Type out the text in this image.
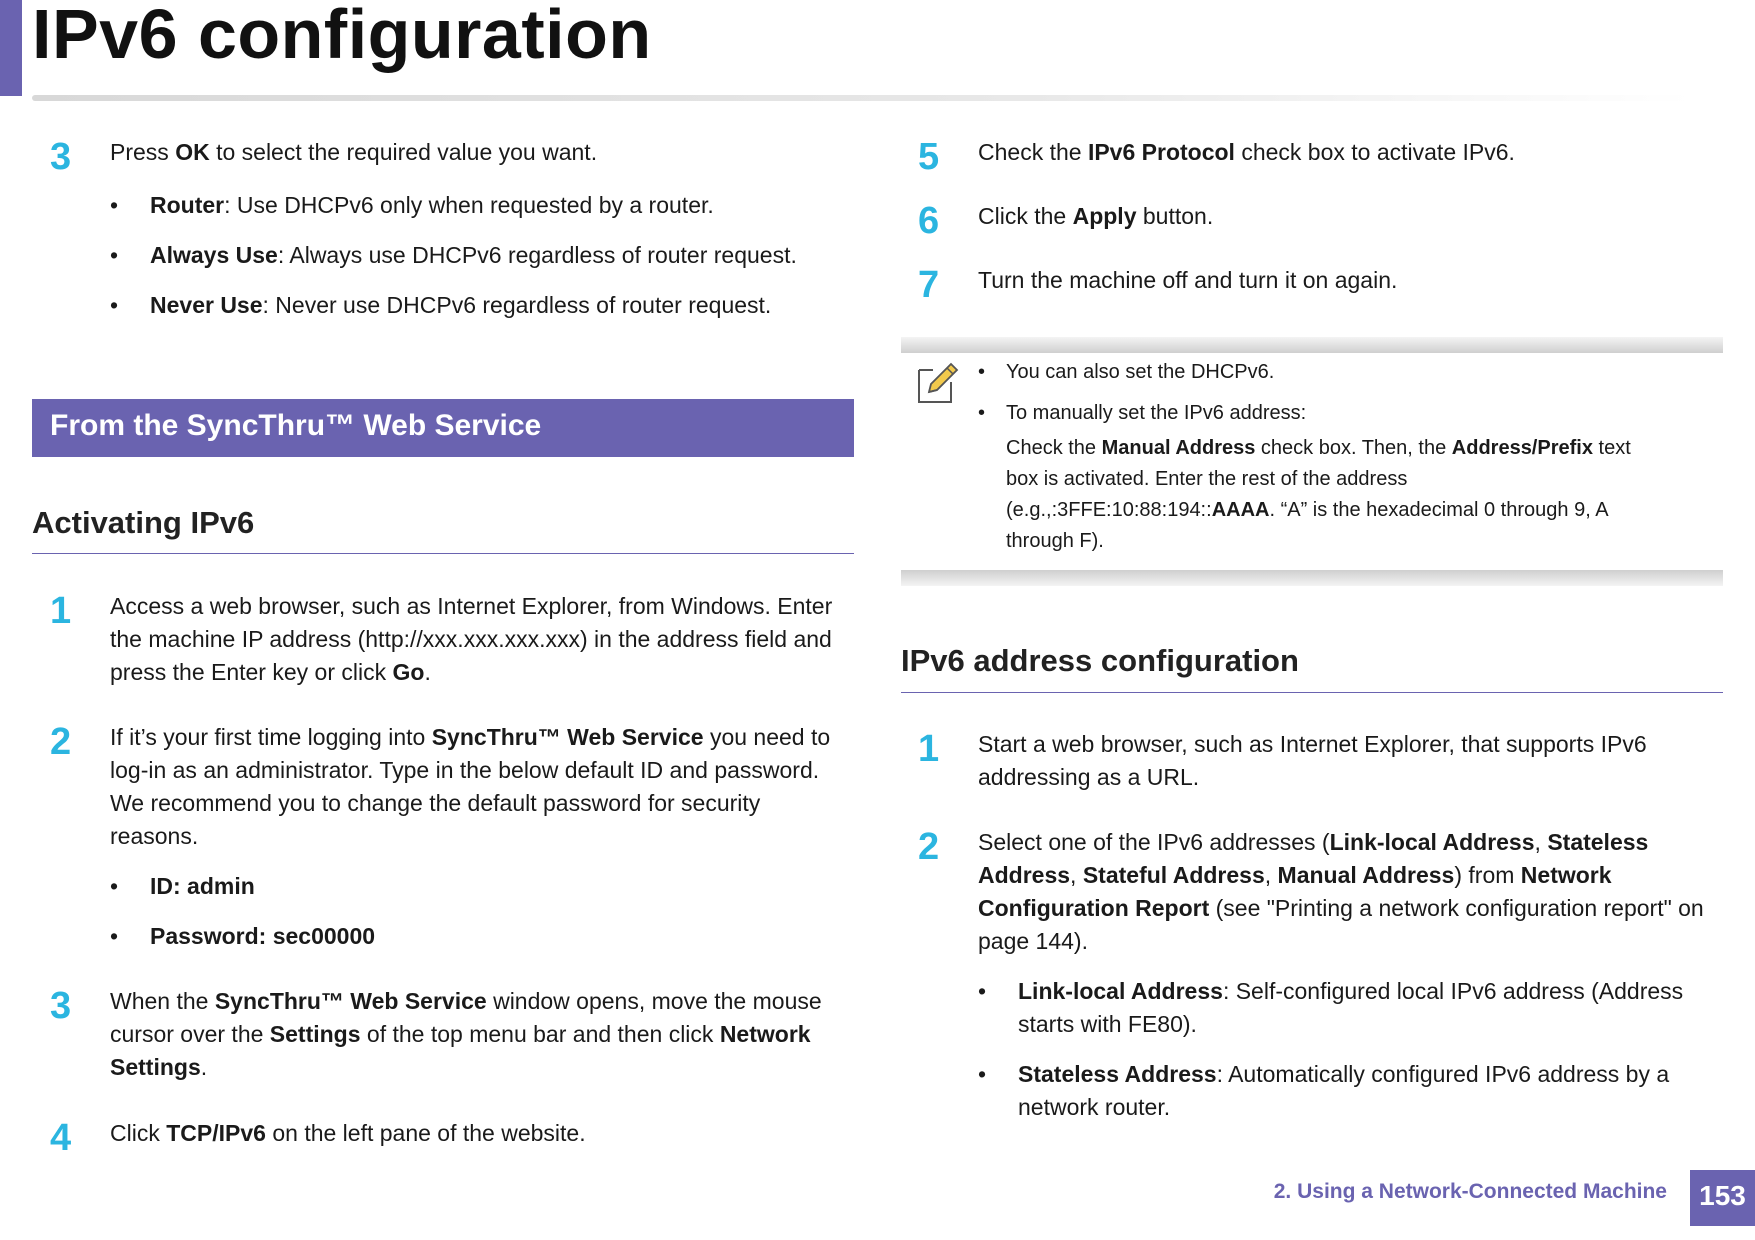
IPv6 configuration
3	Press OK to select the required value you want.
• Router: Use DHCPv6 only when requested by a router.
• Always Use: Always use DHCPv6 regardless of router request.
• Never Use: Never use DHCPv6 regardless of router request.
From the SyncThru™ Web Service
Activating IPv6
1	Access a web browser, such as Internet Explorer, from Windows. Enter
the machine IP address (http://xxx.xxx.xxx.xxx) in the address field and
press the Enter key or click Go.
2	If it’s your first time logging into SyncThru™ Web Service you need to
log-in as an administrator. Type in the below default ID and password.
We recommend you to change the default password for security
reasons.
• ID: admin
• Password: sec00000
3	When the SyncThru™ Web Service window opens, move the mouse
cursor over the Settings of the top menu bar and then click Network
Settings.
4	Click TCP/IPv6 on the left pane of the website.
5	Check the IPv6 Protocol check box to activate IPv6.
6	Click the Apply button.
7	Turn the machine off and turn it on again.
• You can also set the DHCPv6.
• To manually set the IPv6 address:
Check the Manual Address check box. Then, the Address/Prefix text
box is activated. Enter the rest of the address
(e.g.,:3FFE:10:88:194::AAAA. “A” is the hexadecimal 0 through 9, A
through F).
IPv6 address configuration
1	Start a web browser, such as Internet Explorer, that supports IPv6
addressing as a URL.
2	Select one of the IPv6 addresses (Link-local Address, Stateless
Address, Stateful Address, Manual Address) from Network
Configuration Report (see "Printing a network configuration report" on
page 144).
• Link-local Address: Self-configured local IPv6 address (Address
starts with FE80).
• Stateless Address: Automatically configured IPv6 address by a
network router.
2. Using a Network-Connected Machine	153
